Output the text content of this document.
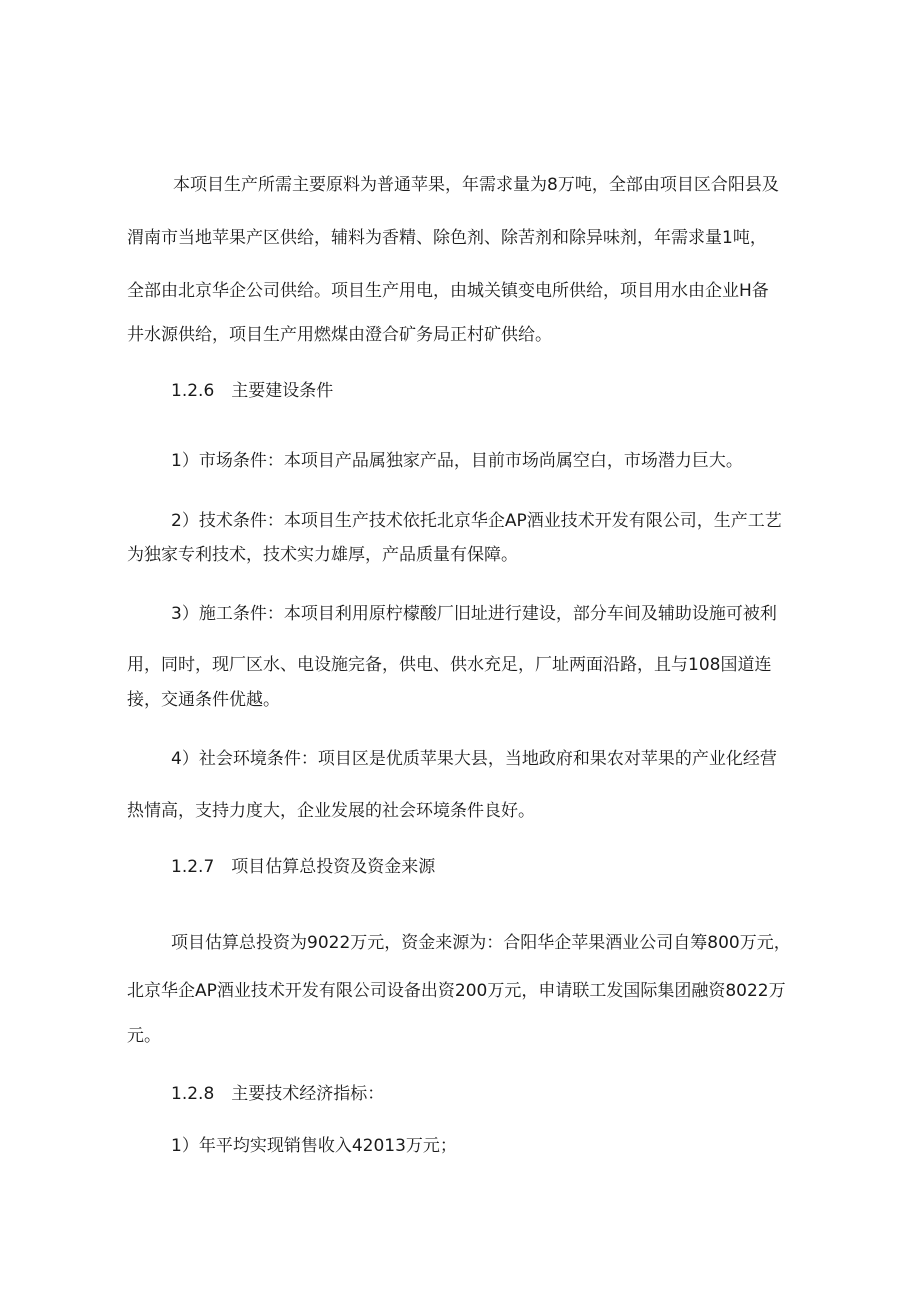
本项目生产所需主要原料为普通苹果，年需求量为8万吨，全部由项目区合阳县及
渭南市当地苹果产区供给，辅料为香精、除色剂、除苦剂和除异味剂，年需求量1吨，
全部由北京华企公司供给。项目生产用电，由城关镇变电所供给，项目用水由企业H备
井水源供给，项目生产用燃煤由澄合矿务局正村矿供给。
1.2.6　主要建设条件
1）市场条件：本项目产品属独家产品，目前市场尚属空白，市场潜力巨大。
2）技术条件：本项目生产技术依托北京华企AP酒业技术开发有限公司，生产工艺
为独家专利技术，技术实力雄厚，产品质量有保障。
3）施工条件：本项目利用原柠檬酸厂旧址进行建设，部分车间及辅助设施可被利
用，同时，现厂区水、电设施完备，供电、供水充足，厂址两面沿路，且与108国道连
接，交通条件优越。
4）社会环境条件：项目区是优质苹果大县，当地政府和果农对苹果的产业化经营
热情高，支持力度大，企业发展的社会环境条件良好。
1.2.7　项目估算总投资及资金来源
项目估算总投资为9022万元，资金来源为：合阳华企苹果酒业公司自筹800万元，
北京华企AP酒业技术开发有限公司设备出资200万元，申请联工发国际集团融资8022万
元。
1.2.8　主要技术经济指标：
1）年平均实现销售收入42013万元；
